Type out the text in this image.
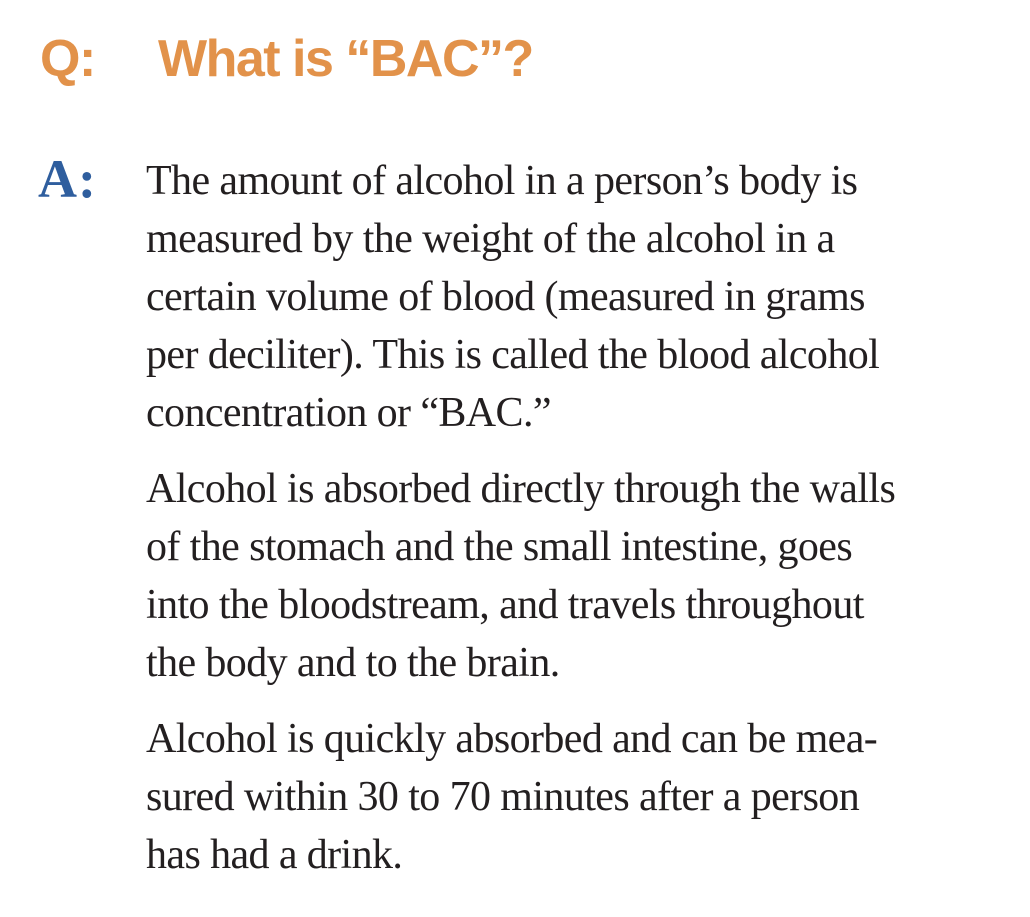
Q:	What is “BAC”?
A: The amount of alcohol in a person’s body is
measured by the weight of the alcohol in a
certain volume of blood (measured in grams
per deciliter). This is called the blood alcohol
concentration or “BAC.”

Alcohol is absorbed directly through the walls
of the stomach and the small intestine, goes
into the bloodstream, and travels throughout
the body and to the brain.

Alcohol is quickly absorbed and can be mea-
sured within 30 to 70 minutes after a person
has had a drink.
